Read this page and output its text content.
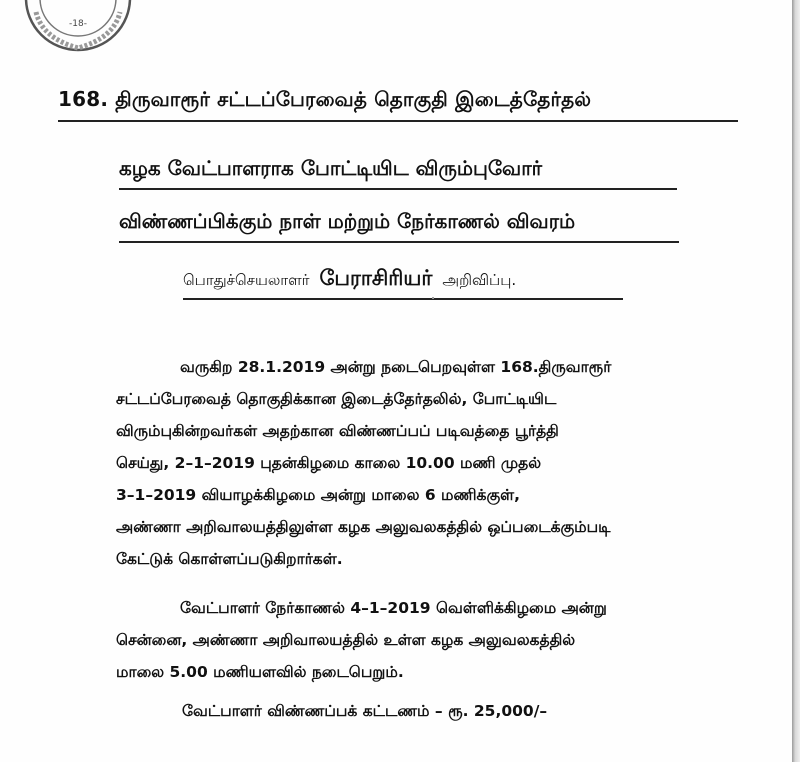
-18-
168. திருவாரூர் சட்டப்பேரவைத் தொகுதி இடைத்தேர்தல்
கழக வேட்பாளராக போட்டியிட விரும்புவோர்
விண்ணப்பிக்கும் நாள் மற்றும் நேர்காணல் விவரம்
பொதுச்செயலாளர் பேராசிரியர் அறிவிப்பு.
வருகிற 28.1.2019 அன்று நடைபெறவுள்ள 168.திருவாரூர்
சட்டப்பேரவைத் தொகுதிக்கான இடைத்தேர்தலில், போட்டியிட
விரும்புகின்றவர்கள் அதற்கான விண்ணப்பப் படிவத்தை பூர்த்தி
செய்து, 2–1–2019 புதன்கிழமை காலை 10.00 மணி முதல்
3–1–2019 வியாழக்கிழமை அன்று மாலை 6 மணிக்குள்,
அண்ணா அறிவாலயத்திலுள்ள கழக அலுவலகத்தில் ஒப்படைக்கும்படி
கேட்டுக் கொள்ளப்படுகிறார்கள்.
வேட்பாளர் நேர்காணல் 4–1–2019 வெள்ளிக்கிழமை அன்று
சென்னை, அண்ணா அறிவாலயத்தில் உள்ள கழக அலுவலகத்தில்
மாலை 5.00 மணியளவில் நடைபெறும்.
வேட்பாளர் விண்ணப்பக் கட்டணம் – ரூ. 25,000/–
